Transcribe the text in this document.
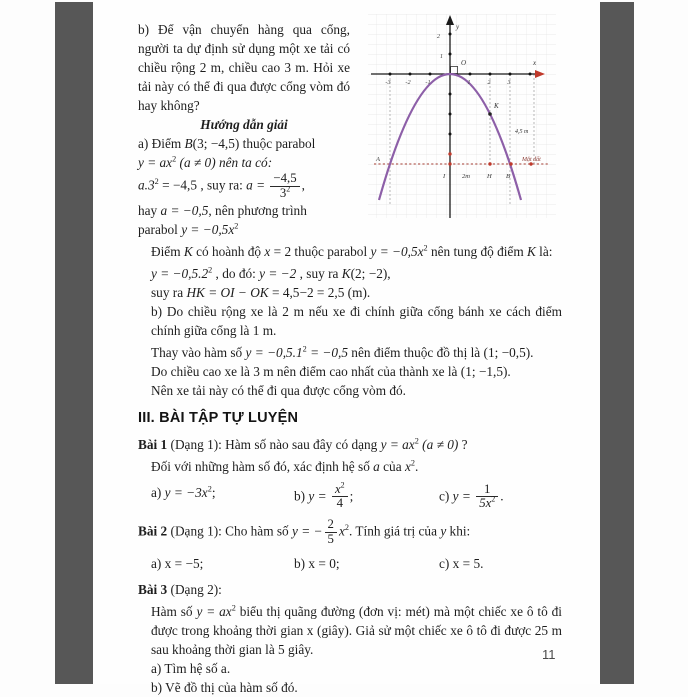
b) Để vận chuyển hàng qua cổng, người ta dự định sử dụng một xe tải có chiều rộng 2 m, chiều cao 3 m. Hỏi xe tải này có thể đi qua được cổng vòm đó hay không?

Hướng dẫn giải

a) Điểm B(3; −4,5) thuộc parabol

$y = ax^2$ (a ≠ 0) nên ta có:

$a.3^2 = -4,5$ , suy ra: $a = \frac{-4,5}{3^2}$ ,

hay a = −0,5, nên phương trình

parabol $y = -0,5x^2$

y
x
O
2
1
-3 -2 -1	1	2	3
K
A
I	2m	H B
4,5 m
Mặt đất

Điểm K có hoành độ x = 2 thuộc parabol $y = -0,5x^2$ nên tung độ điểm K là:

$y = -0,5.2^2$ , do đó: y = −2 , suy ra K(2; −2),

suy ra HK = OI − OK = 4,5−2 = 2,5 (m).

b) Do chiều rộng xe là 2 m nếu xe đi chính giữa cổng bánh xe cách điểm chính giữa cổng là 1 m.

Thay vào hàm số $y = -0,5.1^2 = -0,5$ nên điểm thuộc đồ thị là (1; −0,5).

Do chiều cao xe là 3 m nên điểm cao nhất của thành xe là (1; −1,5).

Nên xe tải này có thể đi qua được cổng vòm đó.

III. BÀI TẬP TỰ LUYỆN

Bài 1 (Dạng 1): Hàm số nào sau đây có dạng $y = ax^2$ (a ≠ 0) ?

Đối với những hàm số đó, xác định hệ số a của $x^2$.

a) $y = -3x^2$;	b) $y = \frac{x^2}{4}$ ;	c) $y = \frac{1}{5x^2}$ .

Bài 2 (Dạng 1): Cho hàm số y = − $\frac{2}{5} x^2$. Tính giá trị của y khi:

a) x = −5;	b) x = 0;	c) x = 5.

Bài 3 (Dạng 2):

Hàm số $y = ax^2$ biểu thị quãng đường (đơn vị: mét) mà một chiếc xe ô tô đi được trong khoảng thời gian x (giây). Giả sử một chiếc xe ô tô đi được 25 m sau khoảng thời gian là 5 giây.

a) Tìm hệ số a.

b) Vẽ đồ thị của hàm số đó.

11
